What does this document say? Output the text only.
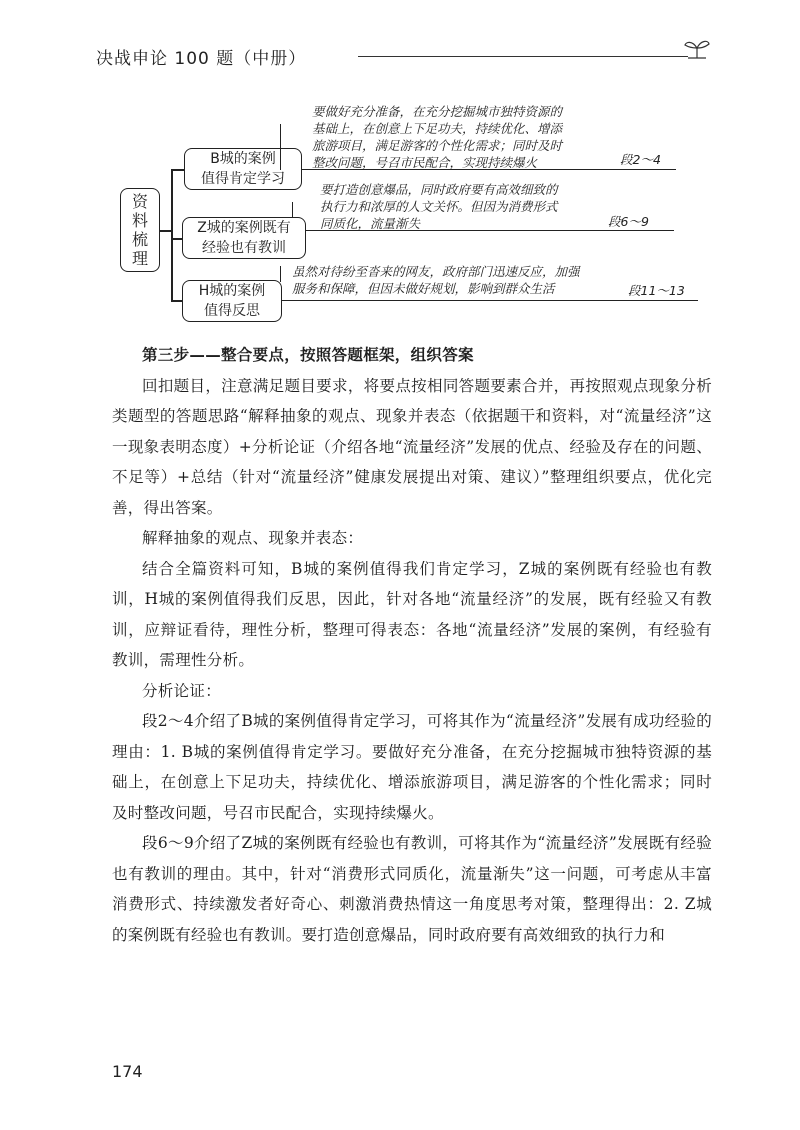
决战申论 100 题（中册）
资
料
梳
理
B城的案例
值得肯定学习
Z城的案例既有
经验也有教训
H城的案例
值得反思
要做好充分准备，在充分挖掘城市独特资源的
基础上，在创意上下足功夫，持续优化、增添
旅游项目，满足游客的个性化需求；同时及时
整改问题，号召市民配合，实现持续爆火	段2～4
要打造创意爆品，同时政府要有高效细致的
执行力和浓厚的人文关怀。但因为消费形式
同质化，流量渐失	段6～9
虽然对待纷至沓来的网友，政府部门迅速反应，加强
服务和保障，但因未做好规划，影响到群众生活	段11～13

第三步——整合要点，按照答题框架，组织答案

回扣题目，注意满足题目要求，将要点按相同答题要素合并，再按照观点现象分析类题型的答题思路“解释抽象的观点、现象并表态（依据题干和资料，对“流量经济”这一现象表明态度）+分析论证（介绍各地“流量经济”发展的优点、经验及存在的问题、不足等）+总结（针对“流量经济”健康发展提出对策、建议）”整理组织要点，优化完善，得出答案。

解释抽象的观点、现象并表态：

结合全篇资料可知，B城的案例值得我们肯定学习，Z城的案例既有经验也有教训，H城的案例值得我们反思，因此，针对各地“流量经济”的发展，既有经验又有教训，应辩证看待，理性分析，整理可得表态：各地“流量经济”发展的案例，有经验有教训，需理性分析。

分析论证：

段2～4介绍了B城的案例值得肯定学习，可将其作为“流量经济”发展有成功经验的理由：1. B城的案例值得肯定学习。要做好充分准备，在充分挖掘城市独特资源的基础上，在创意上下足功夫，持续优化、增添旅游项目，满足游客的个性化需求；同时及时整改问题，号召市民配合，实现持续爆火。

段6～9介绍了Z城的案例既有经验也有教训，可将其作为“流量经济”发展既有经验也有教训的理由。其中，针对“消费形式同质化，流量渐失”这一问题，可考虑从丰富消费形式、持续激发者好奇心、刺激消费热情这一角度思考对策，整理得出：2. Z城的案例既有经验也有教训。要打造创意爆品，同时政府要有高效细致的执行力和

174
